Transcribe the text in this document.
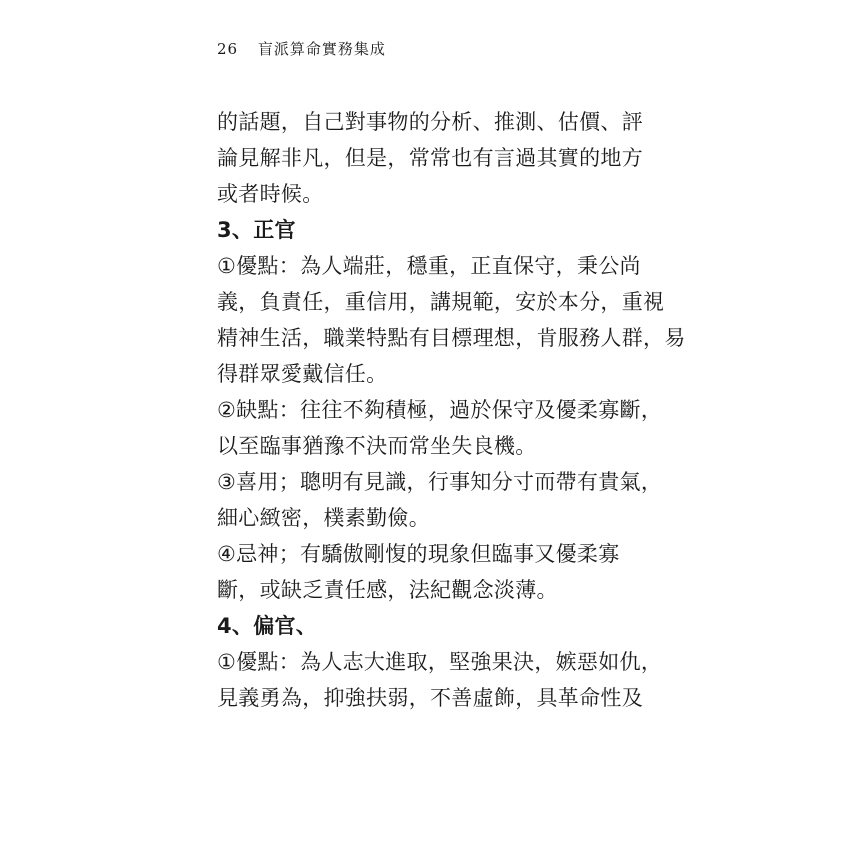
26 盲派算命實務集成
的話題，自己對事物的分析、推測、估價、評
論見解非凡，但是，常常也有言過其實的地方
或者時候。
3、正官
①優點：為人端莊，穩重，正直保守，秉公尚
義，負責任，重信用，講規範，安於本分，重視
精神生活，職業特點有目標理想，肯服務人群，易
得群眾愛戴信任。
②缺點：往往不夠積極，過於保守及優柔寡斷，
以至臨事猶豫不決而常坐失良機。
③喜用；聰明有見識，行事知分寸而帶有貴氣，
細心緻密，樸素勤儉。
④忌神；有驕傲剛愎的現象但臨事又優柔寡
斷，或缺乏責任感，法紀觀念淡薄。
4、偏官、
①優點：為人志大進取，堅強果決，嫉惡如仇，
見義勇為，抑強扶弱，不善虛飾，具革命性及
